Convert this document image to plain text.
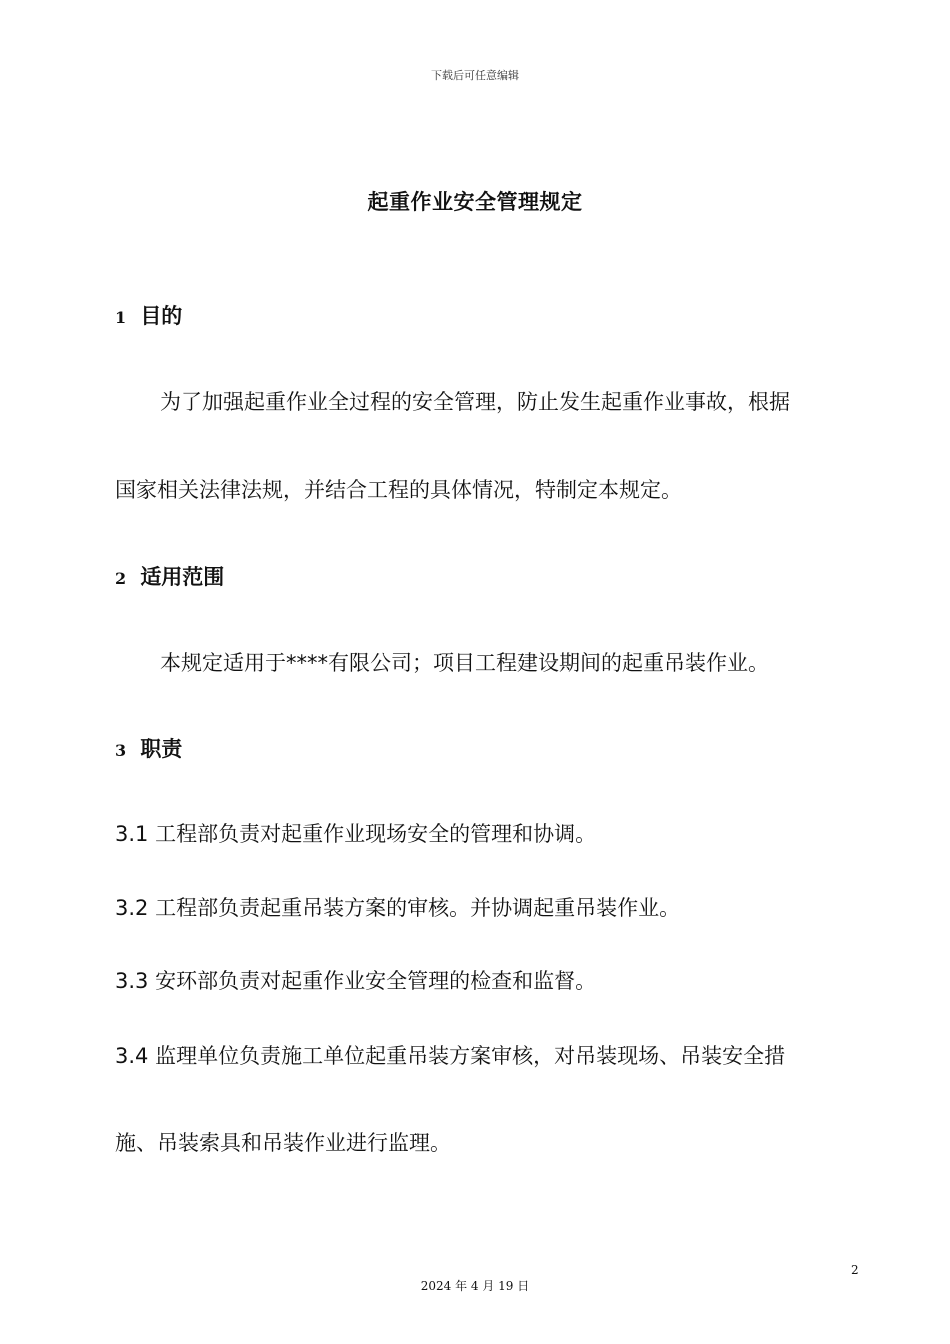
下载后可任意编辑
起重作业安全管理规定
1 目的
为了加强起重作业全过程的安全管理，防止发生起重作业事故，根据
国家相关法律法规，并结合工程的具体情况，特制定本规定。
2 适用范围
本规定适用于****有限公司；项目工程建设期间的起重吊装作业。
3 职责
3.1 工程部负责对起重作业现场安全的管理和协调。
3.2 工程部负责起重吊装方案的审核。并协调起重吊装作业。
3.3 安环部负责对起重作业安全管理的检查和监督。
3.4 监理单位负责施工单位起重吊装方案审核，对吊装现场、吊装安全措
施、吊装索具和吊装作业进行监理。
2
2024 年 4 月 19 日
